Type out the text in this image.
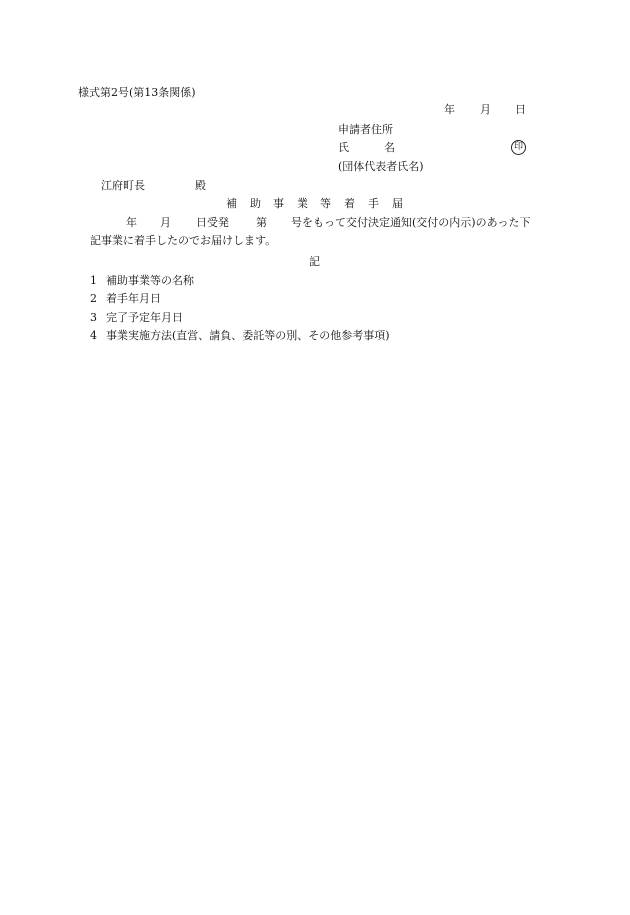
様式第2号(第13条関係)
年 月 日
申請者住所
氏	名	印
(団体代表者氏名)
江府町長	殿
補 助 事 業 等 着 手 届
年 月 日受発 第 号をもって交付決定通知(交付の内示)のあった下
記事業に着手したのでお届けします。
記
1 補助事業等の名称
2 着手年月日
3 完了予定年月日
4 事業実施方法(直営、請負、委託等の別、その他参考事項)
